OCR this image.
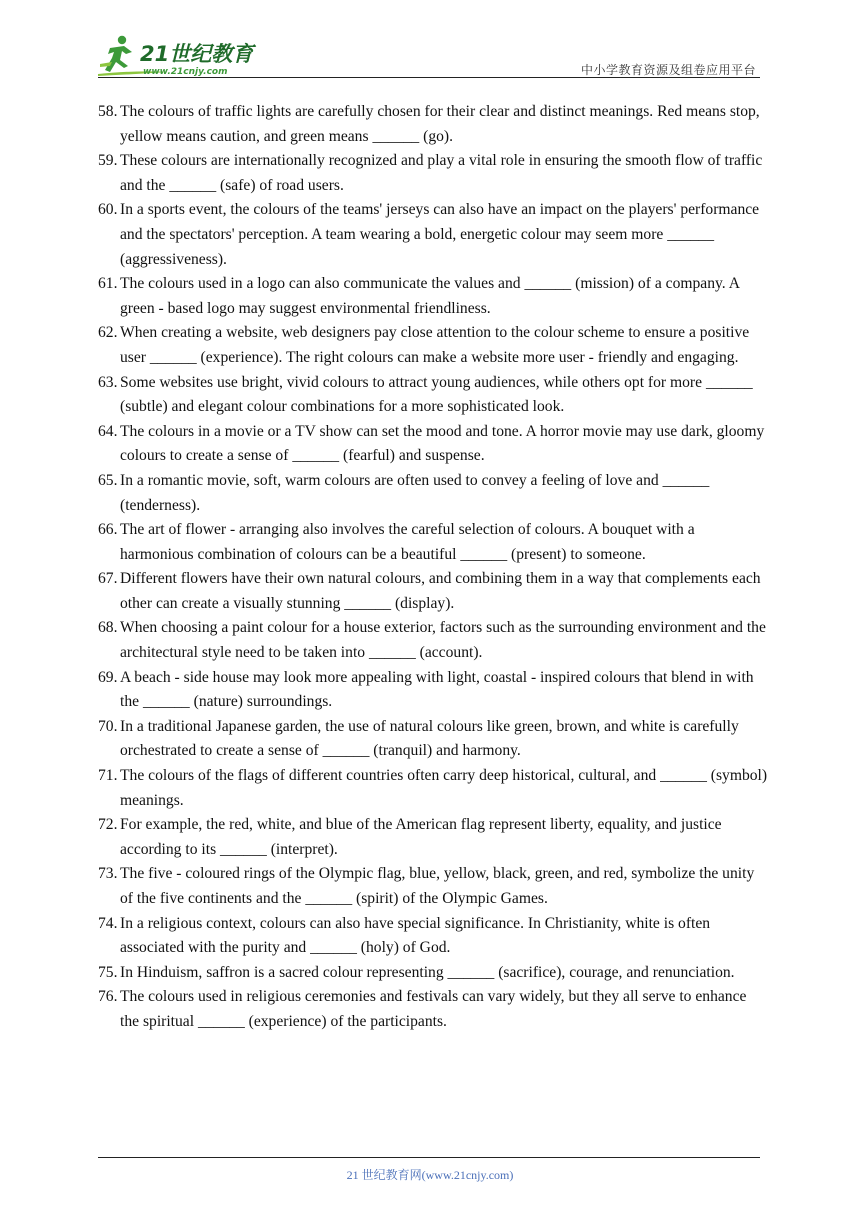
21世纪教育
www.21cnjy.com	中小学教育资源及组卷应用平台
58. The colours of traffic lights are carefully chosen for their clear and distinct meanings. Red means stop, yellow means caution, and green means ______ (go).
59. These colours are internationally recognized and play a vital role in ensuring the smooth flow of traffic and the ______ (safe) of road users.
60. In a sports event, the colours of the teams' jerseys can also have an impact on the players' performance and the spectators' perception. A team wearing a bold, energetic colour may seem more ______ (aggressiveness).
61. The colours used in a logo can also communicate the values and ______ (mission) of a company. A green - based logo may suggest environmental friendliness.
62. When creating a website, web designers pay close attention to the colour scheme to ensure a positive user ______ (experience). The right colours can make a website more user - friendly and engaging.
63. Some websites use bright, vivid colours to attract young audiences, while others opt for more ______ (subtle) and elegant colour combinations for a more sophisticated look.
64. The colours in a movie or a TV show can set the mood and tone. A horror movie may use dark, gloomy colours to create a sense of ______ (fearful) and suspense.
65. In a romantic movie, soft, warm colours are often used to convey a feeling of love and ______ (tenderness).
66. The art of flower - arranging also involves the careful selection of colours. A bouquet with a harmonious combination of colours can be a beautiful ______ (present) to someone.
67. Different flowers have their own natural colours, and combining them in a way that complements each other can create a visually stunning ______ (display).
68. When choosing a paint colour for a house exterior, factors such as the surrounding environment and the architectural style need to be taken into ______ (account).
69. A beach - side house may look more appealing with light, coastal - inspired colours that blend in with the ______ (nature) surroundings.
70. In a traditional Japanese garden, the use of natural colours like green, brown, and white is carefully orchestrated to create a sense of ______ (tranquil) and harmony.
71. The colours of the flags of different countries often carry deep historical, cultural, and ______ (symbol) meanings.
72. For example, the red, white, and blue of the American flag represent liberty, equality, and justice according to its ______ (interpret).
73. The five - coloured rings of the Olympic flag, blue, yellow, black, green, and red, symbolize the unity of the five continents and the ______ (spirit) of the Olympic Games.
74. In a religious context, colours can also have special significance. In Christianity, white is often associated with the purity and ______ (holy) of God.
75. In Hinduism, saffron is a sacred colour representing ______ (sacrifice), courage, and renunciation.
76. The colours used in religious ceremonies and festivals can vary widely, but they all serve to enhance the spiritual ______ (experience) of the participants.
21 世纪教育网(www.21cnjy.com)
